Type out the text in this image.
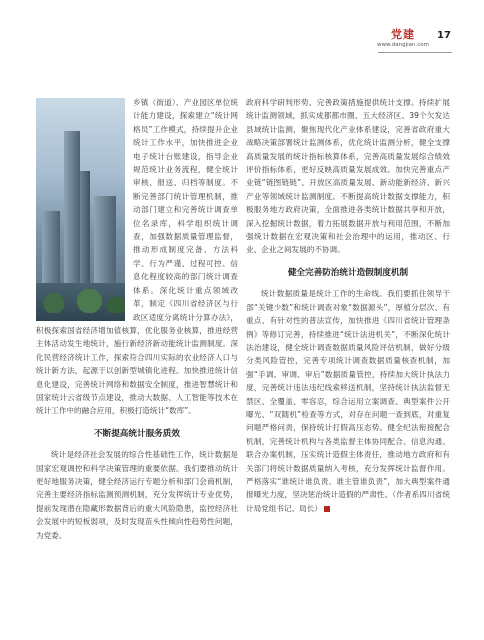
党建
www.dangjian.com
17

乡镇（街道）、产业园区单位统计能力建设，探索建立“统计网格员”工作模式，持续提升企业统计工作水平，加快推进企业电子统计台账建设，指导企业规范统计业务流程，健全统计审核、报送、归档等制度。不断完善部门统计管理机制，推动部门建立和完善统计调查单位名录库，科学组织统计调查，加强数据质量管理监督，推动形成制度完备、方法科学、行为严谨、过程可控、信息化程度较高的部门统计调查体系。深化统计重点领域改革，制定《四川省经济区与行政区适度分离统计分算办法》，积极探索国省经济增加值核算，优化服务业核算，推进经营主体活动发生地统计，施行新经济新动能统计监测制度。深化民营经济统计工作，探索符合四川实际的农业经济人口与统计新方法，起源于以创新型城镇化进程。加快推进统计信息化建设，完善统计网络和数据安全制度，推进智慧统计和国家统计云省级节点建设，推动大数据、人工智能等技术在统计工作中的融合应用，积极打造统计“数库”。

不断提高统计服务质效

统计是经济社会发展的综合性基础性工作，统计数据是国家宏观调控和科学决策管理的重要依据。我们要推动统计更好地服务决策，健全经济运行专题分析和部门会商机制，完善主要经济指标监测预测机制，充分发挥统计专业优势，提前发现潜在隐藏形数据背后的重大风险隐患，监控经济社会发展中的短板弱项，及时发现苗头性倾向性趋势性问题，为党委、

政府科学研判形势、完善政策措施提供统计支撑。持续扩展统计监测领域，抓实成都都市圈、五大经济区、39个欠发达县域统计监测，聚焦现代化产业体系建设，完善省政府重大战略决策部署统计监测体系，优化统计监测分析，健全支撑高质量发展的统计指标核算体系，完善高质量发展综合绩效评价指标体系，更好反映高质量发展成效。加快完善重点产业链“链图链链”、开放区高质量发展、新动能新经济、新兴产业等领域统计监测制度。不断提高统计数据支撑能力，积极服务地方政府决策，全面推进各类统计数据共享和开放，深入挖掘统计数据，着力拓展数据开放与利用范围，不断加强统计数据在宏观决策和社会治理中的运用，推动区、行业、企业之间发展的不协调。

健全完善防治统计造假制度机制

统计数据质量是统计工作的生命线。我们要抓住领导干部“关键少数”和统计调查对象“数据源头”，厚植分层次、有重点、有针对性的普法宣传，加快推进《四川省统计管理条例》等修订完善，持续推进“统计法进机关”，不断深化统计法治建设，健全统计调查数据质量风险评估机制，做好分级分类风险管控，完善专项统计调查数据质量核查机制，加强“手调、审调、审后”数据质量管控，持续加大统计执法力度，完善统计违法违纪线索移送机制，坚持统计执法监督无禁区、全覆盖、零容忍，综合运用立案调查、典型案件公开曝光、“双随机”检查等方式，对存在问题一查到底，对重复问题严格问责，保持统计打假高压态势。健全纪法衔接配合机制，完善统计机构与各类监督主体协同配合、信息沟通、联合办案机制，压实统计造假主体责任，推动地方政府和有关部门将统计数据质量纳入考核，充分发挥统计监督作用。严格落实“谁统计谁负责、谁主管谁负责”，加大典型案件通报曝光力度，坚决惩治统计造假的严肃性。（作者系四川省统计局党组书记、局长）
